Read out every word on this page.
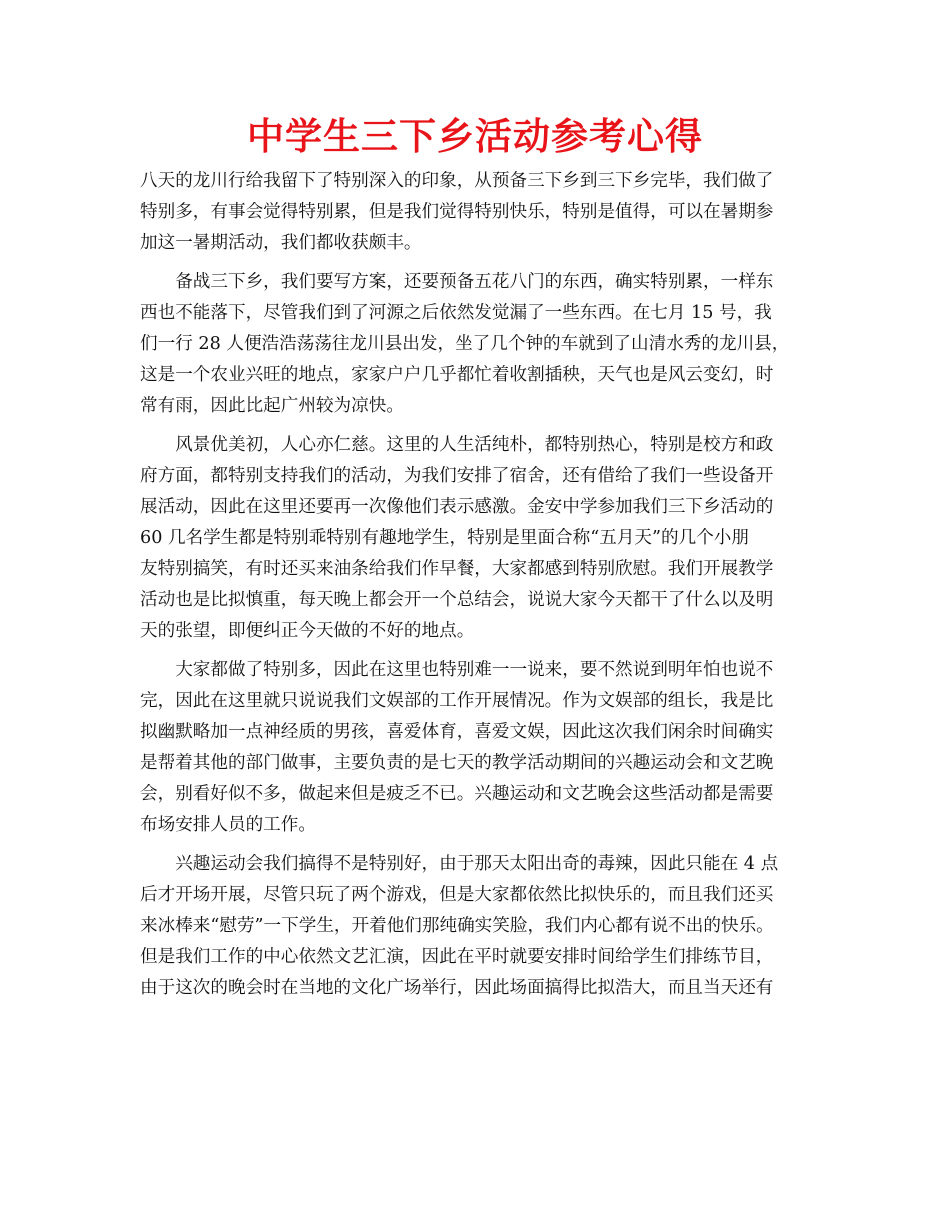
中学生三下乡活动参考心得
八天的龙川行给我留下了特别深入的印象，从预备三下乡到三下乡完毕，我们做了
特别多，有事会觉得特别累，但是我们觉得特别快乐，特别是值得，可以在暑期参
加这一暑期活动，我们都收获颇丰。
　　备战三下乡，我们要写方案，还要预备五花八门的东西，确实特别累，一样东
西也不能落下，尽管我们到了河源之后依然发觉漏了一些东西。在七月 15 号，我
们一行 28 人便浩浩荡荡往龙川县出发，坐了几个钟的车就到了山清水秀的龙川县，
这是一个农业兴旺的地点，家家户户几乎都忙着收割插秧，天气也是风云变幻，时
常有雨，因此比起广州较为凉快。
　　风景优美初，人心亦仁慈。这里的人生活纯朴，都特别热心，特别是校方和政
府方面，都特别支持我们的活动，为我们安排了宿舍，还有借给了我们一些设备开
展活动，因此在这里还要再一次像他们表示感激。金安中学参加我们三下乡活动的
60 几名学生都是特别乖特别有趣地学生，特别是里面合称“五月天”的几个小朋
友特别搞笑，有时还买来油条给我们作早餐，大家都感到特别欣慰。我们开展教学
活动也是比拟慎重，每天晚上都会开一个总结会，说说大家今天都干了什么以及明
天的张望，即便纠正今天做的不好的地点。
　　大家都做了特别多，因此在这里也特别难一一说来，要不然说到明年怕也说不
完，因此在这里就只说说我们文娱部的工作开展情况。作为文娱部的组长，我是比
拟幽默略加一点神经质的男孩，喜爱体育，喜爱文娱，因此这次我们闲余时间确实
是帮着其他的部门做事，主要负责的是七天的教学活动期间的兴趣运动会和文艺晚
会，别看好似不多，做起来但是疲乏不已。兴趣运动和文艺晚会这些活动都是需要
布场安排人员的工作。
　　兴趣运动会我们搞得不是特别好，由于那天太阳出奇的毒辣，因此只能在 4 点
后才开场开展，尽管只玩了两个游戏，但是大家都依然比拟快乐的，而且我们还买
来冰棒来“慰劳”一下学生，开着他们那纯确实笑脸，我们内心都有说不出的快乐。
但是我们工作的中心依然文艺汇演，因此在平时就要安排时间给学生们排练节目，
由于这次的晚会时在当地的文化广场举行，因此场面搞得比拟浩大，而且当天还有
